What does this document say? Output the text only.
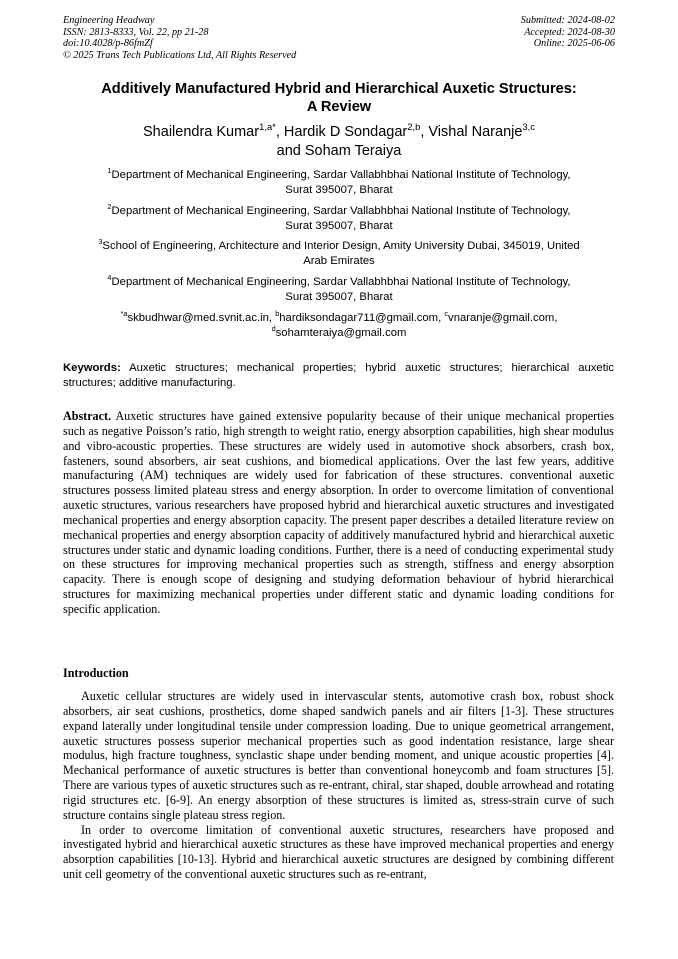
Engineering Headway
ISSN: 2813-8333, Vol. 22, pp 21-28
doi:10.4028/p-86fmZf
© 2025 Trans Tech Publications Ltd, All Rights Reserved
Submitted: 2024-08-02
Accepted: 2024-08-30
Online: 2025-06-06
Additively Manufactured Hybrid and Hierarchical Auxetic Structures:
A Review
Shailendra Kumar$^{1,a*}$, Hardik D Sondagar$^{2,b}$, Vishal Naranje$^{3,c}$
and Soham Teraiya
$^1$Department of Mechanical Engineering, Sardar Vallabhbhai National Institute of Technology,
Surat 395007, Bharat
$^2$Department of Mechanical Engineering, Sardar Vallabhbhai National Institute of Technology,
Surat 395007, Bharat
$^3$School of Engineering, Architecture and Interior Design, Amity University Dubai, 345019, United
Arab Emirates
$^4$Department of Mechanical Engineering, Sardar Vallabhbhai National Institute of Technology,
Surat 395007, Bharat
$^{*a}$skbudhwar@med.svnit.ac.in, $^b$hardiksondagar711@gmail.com, $^c$vnaranje@gmail.com,
$^d$sohamteraiya@gmail.com
Keywords: Auxetic structures; mechanical properties; hybrid auxetic structures; hierarchical auxetic structures; additive manufacturing.
Abstract. Auxetic structures have gained extensive popularity because of their unique mechanical properties such as negative Poisson’s ratio, high strength to weight ratio, energy absorption capabilities, high shear modulus and vibro-acoustic properties. These structures are widely used in automotive shock absorbers, crash box, fasteners, sound absorbers, air seat cushions, and biomedical applications. Over the last few years, additive manufacturing (AM) techniques are widely used for fabrication of these structures. conventional auxetic structures possess limited plateau stress and energy absorption. In order to overcome limitation of conventional auxetic structures, various researchers have proposed hybrid and hierarchical auxetic structures and investigated mechanical properties and energy absorption capacity. The present paper describes a detailed literature review on mechanical properties and energy absorption capacity of additively manufactured hybrid and hierarchical auxetic structures under static and dynamic loading conditions. Further, there is a need of conducting experimental study on these structures for improving mechanical properties such as strength, stiffness and energy absorption capacity. There is enough scope of designing and studying deformation behaviour of hybrid hierarchical structures for maximizing mechanical properties under different static and dynamic loading conditions for specific application.
Introduction

Auxetic cellular structures are widely used in intervascular stents, automotive crash box, robust shock absorbers, air seat cushions, prosthetics, dome shaped sandwich panels and air filters [1-3]. These structures expand laterally under longitudinal tensile under compression loading. Due to unique geometrical arrangement, auxetic structures possess superior mechanical properties such as good indentation resistance, large shear modulus, high fracture toughness, synclastic shape under bending moment, and unique acoustic properties [4]. Mechanical performance of auxetic structures is better than conventional honeycomb and foam structures [5]. There are various types of auxetic structures such as re-entrant, chiral, star shaped, double arrowhead and rotating rigid structures etc. [6-9]. An energy absorption of these structures is limited as, stress-strain curve of such structure contains single plateau stress region.

In order to overcome limitation of conventional auxetic structures, researchers have proposed and investigated hybrid and hierarchical auxetic structures as these have improved mechanical properties and energy absorption capabilities [10-13]. Hybrid and hierarchical auxetic structures are designed by combining different unit cell geometry of the conventional auxetic structures such as re-entrant,
